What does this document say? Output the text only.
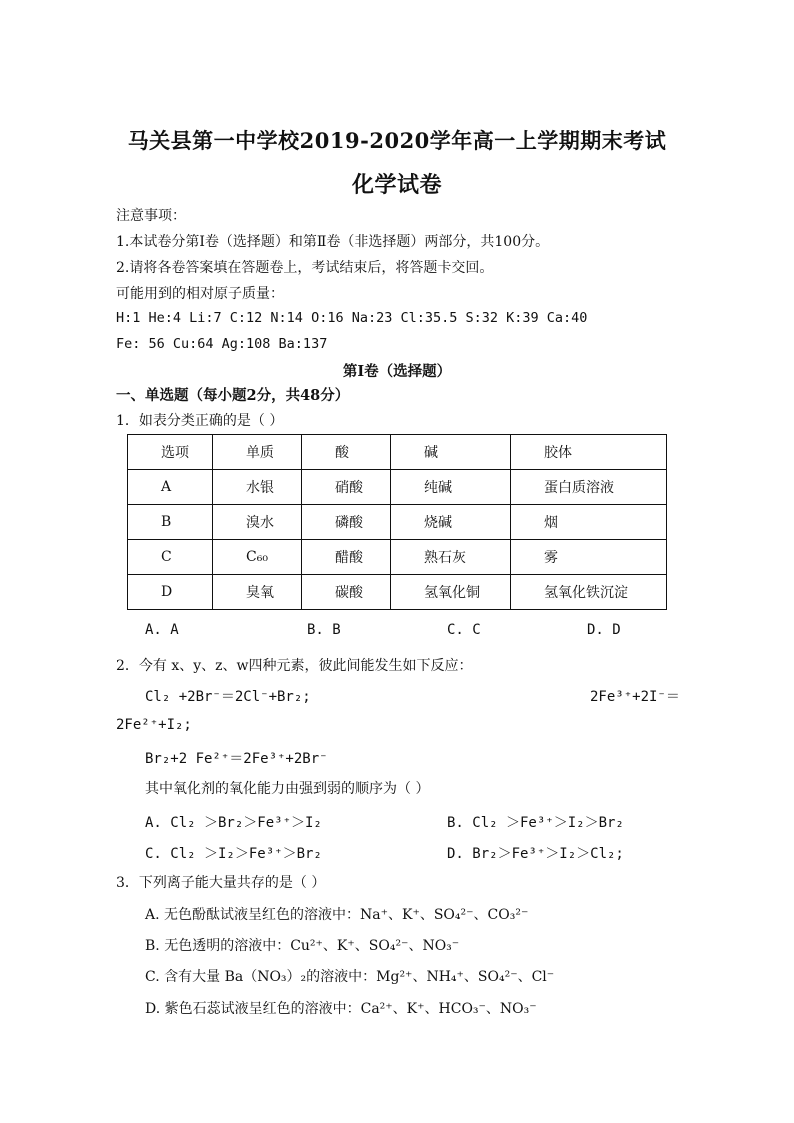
马关县第一中学校2019-2020学年高一上学期期末考试
化学试卷
注意事项：
1.本试卷分第Ⅰ卷（选择题）和第Ⅱ卷（非选择题）两部分，共100分。
2.请将各卷答案填在答题卷上，考试结束后，将答题卡交回。
可能用到的相对原子质量：
H:1 He:4 Li:7 C:12 N:14 O:16 Na:23 Cl:35.5 S:32 K:39 Ca:40
Fe: 56 Cu:64 Ag:108 Ba:137
第Ⅰ卷（选择题）
一、单选题（每小题2分，共48分）
1．如表分类正确的是（ ）
选项	单质	酸	碱	胶体
A	水银	硝酸	纯碱	蛋白质溶液
B	溴水	磷酸	烧碱	烟
C	C₆₀	醋酸	熟石灰	雾
D	臭氧	碳酸	氢氧化铜	氢氧化铁沉淀
A. A	B. B	C. C	D. D
2．今有 x、y、z、w四种元素，彼此间能发生如下反应：
Cl₂ +2Br⁻＝2Cl⁻+Br₂;	2Fe³⁺+2I⁻＝
2Fe²⁺+I₂;
Br₂+2 Fe²⁺＝2Fe³⁺+2Br⁻
其中氧化剂的氧化能力由强到弱的顺序为（ ）
A. Cl₂ ＞Br₂＞Fe³⁺＞I₂	B. Cl₂ ＞Fe³⁺＞I₂＞Br₂
C. Cl₂ ＞I₂＞Fe³⁺＞Br₂	D. Br₂＞Fe³⁺＞I₂＞Cl₂;
3．下列离子能大量共存的是（ ）
A. 无色酚酞试液呈红色的溶液中：Na⁺、K⁺、SO₄²⁻、CO₃²⁻
B. 无色透明的溶液中：Cu²⁺、K⁺、SO₄²⁻、NO₃⁻
C. 含有大量 Ba（NO₃）₂的溶液中：Mg²⁺、NH₄⁺、SO₄²⁻、Cl⁻
D. 紫色石蕊试液呈红色的溶液中：Ca²⁺、K⁺、HCO₃⁻、NO₃⁻
